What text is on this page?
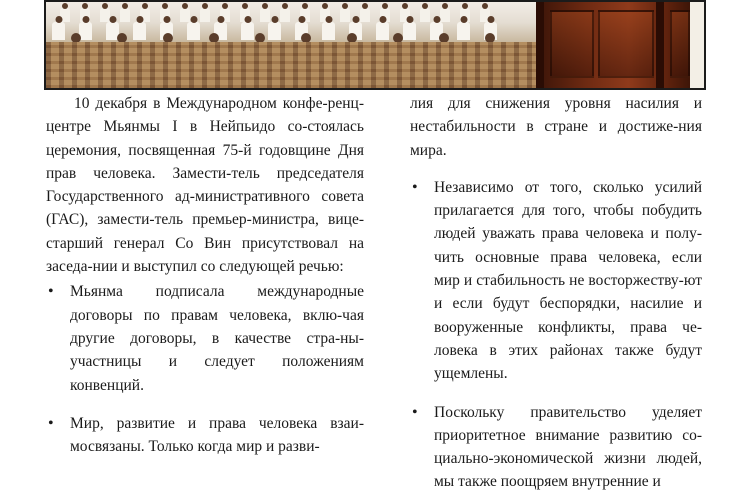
10 декабря в Международном конфе-ренц-центре Мьянмы I в Нейпьидо со-стоялась церемония, посвященная 75-й годовщине Дня прав человека. Замести-тель председателя Государственного ад-министративного совета (ГАС), замести-тель премьер-министра, вице-старший генерал Со Вин присутствовал на заседа-нии и выступил со следующей речью:

• Мьянма подписала международные договоры по правам человека, вклю-чая другие договоры, в качестве стра-ны-участницы и следует положениям конвенций.
• Мир, развитие и права человека взаи-мосвязаны. Только когда мир и разви-

лия для снижения уровня насилия и нестабильности в стране и достиже-ния мира.

• Независимо от того, сколько усилий прилагается для того, чтобы побудить людей уважать права человека и полу-чить основные права человека, если мир и стабильность не восторжеству-ют и если будут беспорядки, насилие и вооруженные конфликты, права че-ловека в этих районах также будут ущемлены.
• Поскольку правительство уделяет приоритетное внимание развитию со-циально-экономической жизни людей, мы также поощряем внутренние и
